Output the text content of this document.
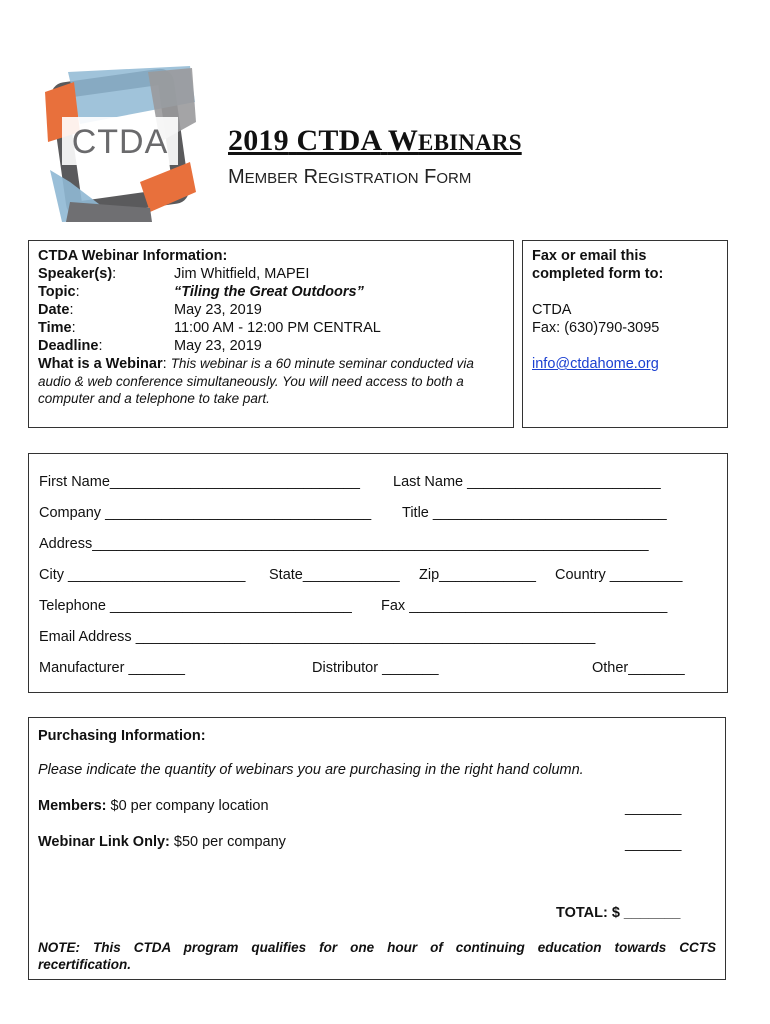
CTDA 2019 CTDA WEBINARS
MEMBER REGISTRATION FORM
CTDA Webinar Information:
Speaker(s):	Jim Whitfield, MAPEI
Topic:	“Tiling the Great Outdoors”
Date:	May 23, 2019
Time:	11:00 AM - 12:00 PM CENTRAL
Deadline:	May 23, 2019
What is a Webinar: This webinar is a 60 minute seminar conducted via
audio & web conference simultaneously. You will need access to both a
computer and a telephone to take part.
Fax or email this
completed form to:
CTDA
Fax: (630)790-3095
info@ctdahome.org
First Name_______________________________ Last Name ________________________
Company _________________________________ Title _____________________________
Address_____________________________________________________________________
City ______________________ State____________ Zip____________ Country _________
Telephone ______________________________ Fax ________________________________
Email Address _________________________________________________________
Manufacturer _______	Distributor _______	Other_______
Purchasing Information:
Please indicate the quantity of webinars you are purchasing in the right hand column.
Members: $0 per company location	_______
Webinar Link Only: $50 per company	_______
TOTAL: $ _______
NOTE: This CTDA program qualifies for one hour of continuing education towards CCTS
recertification.
